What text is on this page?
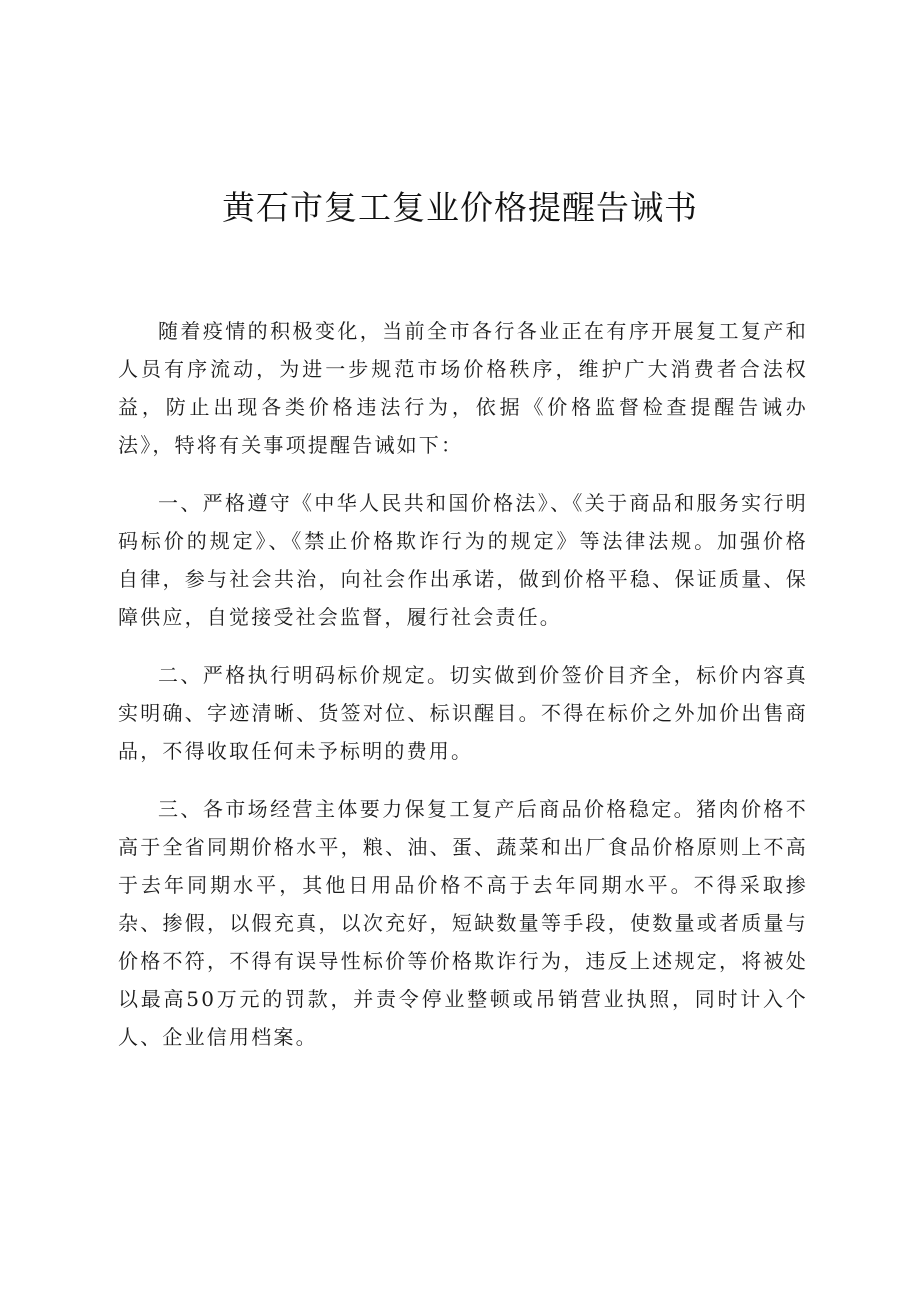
黄石市复工复业价格提醒告诫书

随着疫情的积极变化，当前全市各行各业正在有序开展复工复产和人员有序流动，为进一步规范市场价格秩序，维护广大消费者合法权益，防止出现各类价格违法行为，依据《价格监督检查提醒告诫办法》，特将有关事项提醒告诫如下：

一、严格遵守《中华人民共和国价格法》、《关于商品和服务实行明码标价的规定》、《禁止价格欺诈行为的规定》等法律法规。加强价格自律，参与社会共治，向社会作出承诺，做到价格平稳、保证质量、保障供应，自觉接受社会监督，履行社会责任。

二、严格执行明码标价规定。切实做到价签价目齐全，标价内容真实明确、字迹清晰、货签对位、标识醒目。不得在标价之外加价出售商品，不得收取任何未予标明的费用。

三、各市场经营主体要力保复工复产后商品价格稳定。猪肉价格不高于全省同期价格水平，粮、油、蛋、蔬菜和出厂食品价格原则上不高于去年同期水平，其他日用品价格不高于去年同期水平。不得采取掺杂、掺假，以假充真，以次充好，短缺数量等手段，使数量或者质量与价格不符，不得有误导性标价等价格欺诈行为，违反上述规定，将被处以最高50万元的罚款，并责令停业整顿或吊销营业执照，同时计入个人、企业信用档案。
